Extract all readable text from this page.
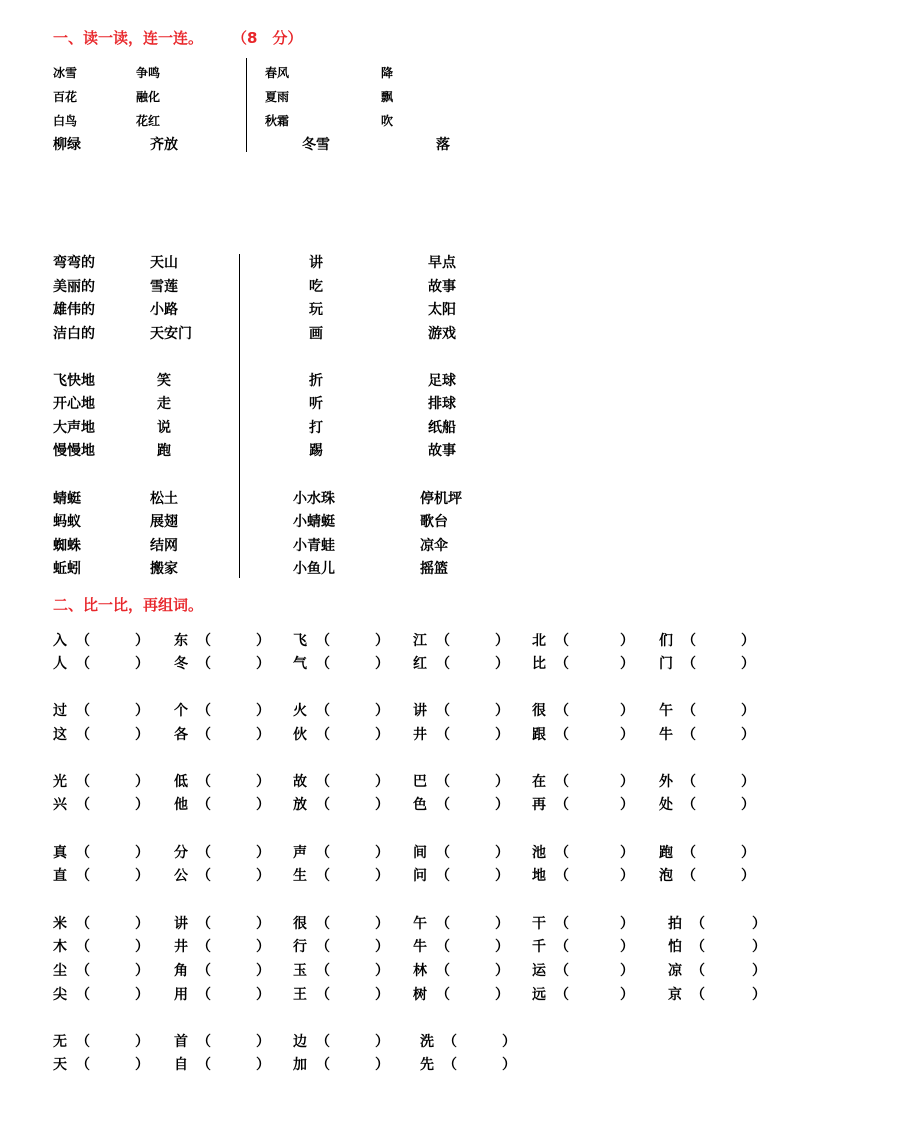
一、读一读，连一连。 （8　分）
二、比一比，再组词。
冰雪	争鸣	春风	降
百花	融化	夏雨	飘
白鸟	花红	秋霜	吹
柳绿	齐放	冬雪	落
弯弯的	天山	讲	早点
美丽的	雪莲	吃	故事
雄伟的	小路	玩	太阳
洁白的	天安门	画	游戏
飞快地	笑	折	足球
开心地	走	听	排球
大声地	说	打	纸船
慢慢地	跑	踢	故事
蜻蜓	松土	小水珠	停机坪
蚂蚁	展翅	小蜻蜓	歌台
蜘蛛	结网	小青蛙	凉伞
蚯蚓	搬家	小鱼儿	摇篮
入 （	） 东 （	） 飞 （	） 江 （	） 北 （	） 们 （	）
人 （	） 冬 （	） 气 （	） 红 （	） 比 （	） 门 （	）
过 （	） 个 （	） 火 （	） 讲 （	） 很 （	） 午 （	）
这 （	） 各 （	） 伙 （	） 井 （	） 跟 （	） 牛 （	）
光 （	） 低 （	） 故 （	） 巴 （	） 在 （	） 外 （	）
兴 （	） 他 （	） 放 （	） 色 （	） 再 （	） 处 （	）
真 （	） 分 （	） 声 （	） 间 （	） 池 （	） 跑 （	）
直 （	） 公 （	） 生 （	） 问 （	） 地 （	） 泡 （	）
米 （	） 讲 （	） 很 （	） 午 （	） 干 （	） 拍 （	）
木 （	） 井 （	） 行 （	） 牛 （	） 千 （	） 怕 （	）
尘 （	） 角 （	） 玉 （	） 林 （	） 运 （	） 凉 （	）
尖 （	） 用 （	） 王 （	） 树 （	） 远 （	） 京 （	）
无 （	） 首 （	） 边 （	） 洗 （	）
天 （	） 自 （	） 加 （	） 先 （	）
